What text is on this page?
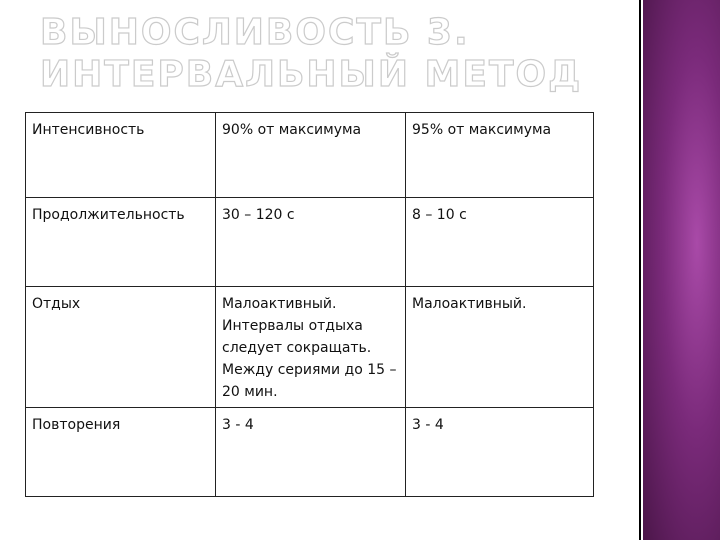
ВЫНОСЛИВОСТЬ 3.
ИНТЕРВАЛЬНЫЙ МЕТОД
Интенсивность	90% от максимума	95% от максимума
Продолжительность	30 – 120 с	8 – 10 с
Отдых	Малоактивный. Интервалы отдыха следует сокращать. Между сериями до 15 – 20 мин.	Малоактивный.
Повторения	3 - 4	3 - 4
